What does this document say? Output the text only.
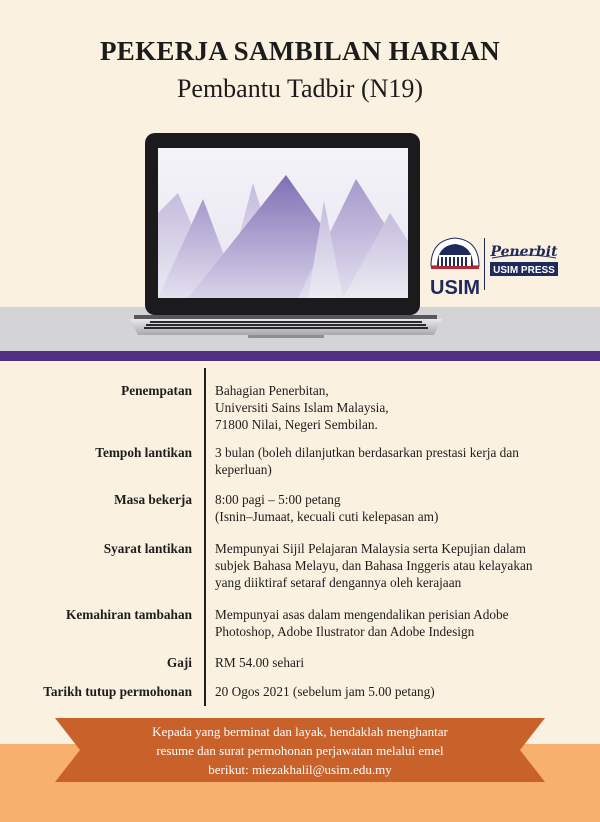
PEKERJA SAMBILAN HARIAN
Pembantu Tadbir (N19)
USIM
Penerbit
USIM PRESS
Penempatan Bahagian Penerbitan,
Universiti Sains Islam Malaysia,
71800 Nilai, Negeri Sembilan.
Tempoh lantikan 3 bulan (boleh dilanjutkan berdasarkan prestasi kerja dan
keperluan)
Masa bekerja 8:00 pagi – 5:00 petang
(Isnin–Jumaat, kecuali cuti kelepasan am)
Syarat lantikan Mempunyai Sijil Pelajaran Malaysia serta Kepujian dalam
subjek Bahasa Melayu, dan Bahasa Inggeris atau kelayakan
yang diiktiraf setaraf dengannya oleh kerajaan
Kemahiran tambahan Mempunyai asas dalam mengendalikan perisian Adobe
Photoshop, Adobe Ilustrator dan Adobe Indesign
Gaji RM 54.00 sehari
Tarikh tutup permohonan 20 Ogos 2021 (sebelum jam 5.00 petang)
Kepada yang berminat dan layak, hendaklah menghantar
resume dan surat permohonan perjawatan melalui emel
berikut: miezakhalil@usim.edu.my
